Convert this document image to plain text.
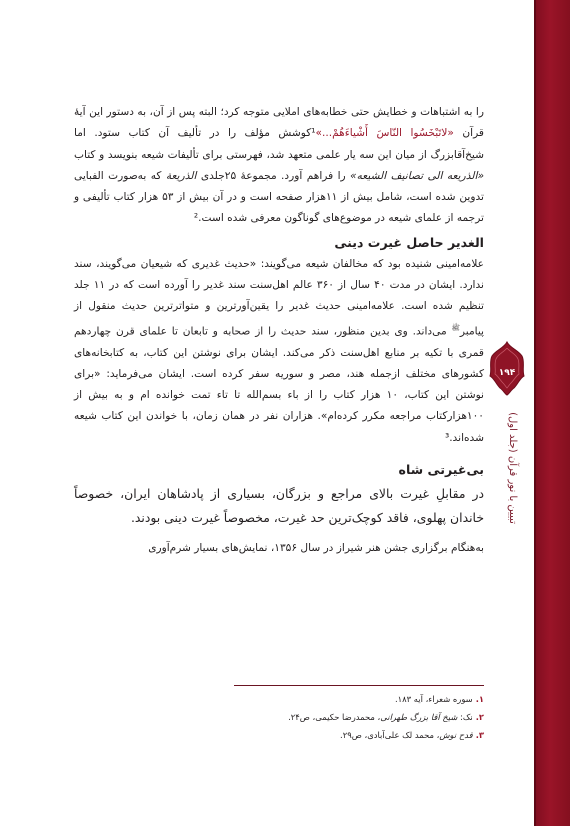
۱۹۴
تبیین با نور قرآن (جلد اول)

را به اشتباهات و خطایش حتی خطابه‌های املایی متوجه کرد؛ البته پس از آن، به دستور این آیهٔ قرآن «لاتَبْخَسُوا النّاسَ أَشْیاءَهُمْ...»¹کوشش مؤلف را در تألیف آن کتاب ستود. اما شیخ‌آقابزرگ از میان این سه یار علمی متعهد شد، فهرستی برای تألیفات شیعه بنویسد و کتاب «الذریعه الی تصانیف الشیعه» را فراهم آورد. مجموعهٔ ۲۵جلدی الذریعة که به‌صورت الفبایی تدوین شده است، شامل بیش از ۱۱هزار صفحه است و در آن بیش از ۵۳ هزار کتاب تألیفی و ترجمه از علمای شیعه در موضوع‌های گوناگون معرفی شده است.²

الغدیر حاصل غیرت دینی

علامه‌امینی شنیده بود که مخالفان شیعه می‌گویند: «حدیث غدیری که شیعیان می‌گویند، سند ندارد. ایشان در مدت ۴۰ سال از ۳۶۰ عالم اهل‌سنت سند غدیر را آورده است که در ۱۱ جلد تنظیم شده است. علامه‌امینی حدیث غدیر را یقین‌آورترین و متواترترین حدیث منقول از پیامبر$^ﷺ$ می‌داند. وی بدین منظور، سند حدیث را از صحابه و تابعان تا علمای قرن چهاردهم قمری با تکیه بر منابع اهل‌سنت ذکر می‌کند. ایشان برای نوشتن این کتاب، به کتابخانه‌های کشورهای مختلف ازجمله هند، مصر و سوریه سفر کرده است. ایشان می‌فرماید: «برای نوشتن این کتاب، ۱۰ هزار کتاب را از باء بسم‌الله تا تاء تمت خوانده ام و به بیش از ۱۰۰هزارکتاب مراجعه مکرر کرده‌ام». هزاران نفر در همان زمان، با خواندن این کتاب شیعه شده‌اند.³

بی‌غیرتی شاه

در مقابلِ غیرت بالای مراجع و بزرگان، بسیاری از پادشاهان ایران، خصوصاً خاندان پهلوی، فاقد کوچک‌ترین حد غیرت، مخصوصاً غیرت دینی بودند.

به‌هنگام برگزاری جشن هنر شیراز در سال ۱۳۵۶، نمایش‌های بسیار شرم‌آوری

۱.سوره شعراء، آیه ۱۸۳.

۲.نک: شیخ آقا بزرگ طهرانی، محمدرضا حکیمی، ص۲۴.

۳.قدح نوش، محمد لک علی‌آبادی، ص۲۹.
